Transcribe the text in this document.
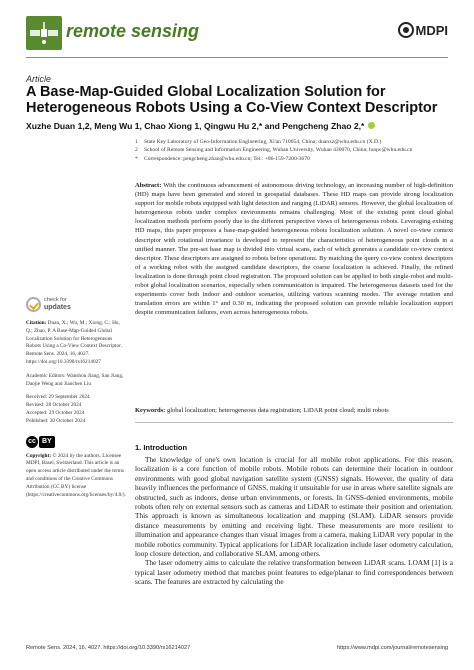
remote sensing	MDPI
Article
A Base-Map-Guided Global Localization Solution for Heterogeneous Robots Using a Co-View Context Descriptor
Xuzhe Duan 1,2, Meng Wu 1, Chao Xiong 1, Qingwu Hu 2,* and Pengcheng Zhao 2,*
1	State Key Laboratory of Geo-Information Engineering, Xi'an 710054, China; duanxz@whu.edu.cn (X.D.)
2	School of Remote Sensing and Information Engineering, Wuhan University, Wuhan 430070, China; huqw@whu.edu.cn
*	Correspondence: pengcheng.zhao@whu.edu.cn; Tel.: +86-159-7200-3670
Abstract: With the continuous advancement of autonomous driving technology, an increasing number of high-definition (HD) maps have been generated and stored in geospatial databases. These HD maps can provide strong localization support for mobile robots equipped with light detection and ranging (LiDAR) sensors. However, the global localization of heterogeneous robots under complex environments remains challenging. Most of the existing point cloud global localization methods perform poorly due to the different perspective views of heterogeneous robots. Leveraging existing HD maps, this paper proposes a base-map-guided heterogeneous robots localization solution. A novel co-view context descriptor with rotational invariance is developed to represent the characteristics of heterogeneous point clouds in a unified manner. The pre-set base map is divided into virtual scans, each of which generates a candidate co-view context descriptor. These descriptors are assigned to robots before operations. By matching the query co-view context descriptors of a working robot with the assigned candidate descriptors, the coarse localization is achieved. Finally, the refined localization is done through point cloud registration. The proposed solution can be applied to both single-robot and multi-robot global localization scenarios, especially when communication is impaired. The heterogeneous datasets used for the experiments cover both indoor and outdoor scenarios, utilizing various scanning modes. The average rotation and translation errors are within 1° and 0.30 m, indicating the proposed solution can provide reliable localization support despite communication failures, even across heterogeneous robots.
Keywords: global localization; heterogeneous data registration; LiDAR point cloud; multi robots
check for
updates

Citation: Duan, X.; Wu, M.; Xiong, C.; Hu, Q.; Zhao, P. A Base-Map-Guided Global Localization Solution for Heterogeneous Robots Using a Co-View Context Descriptor. Remote Sens. 2024, 16, 4027. https://doi.org/10.3390/rs16214027

Academic Editors: Wanshou Jiang, San Jiang, Daojie Weng and Jianchen Liu

Received: 29 September 2024
Revised: 28 October 2024
Accepted: 29 October 2024
Published: 30 October 2024

cc BY

Copyright: © 2024 by the authors. Licensee MDPI, Basel, Switzerland. This article is an open access article distributed under the terms and conditions of the Creative Commons Attribution (CC BY) license (https://creativecommons.org/licenses/by/4.0/).

1. Introduction

The knowledge of one's own location is crucial for all mobile robot applications. For this reason, localization is a core function of mobile robots. Mobile robots can determine their location in outdoor environments with good global navigation satellite system (GNSS) signals. However, the quality of data heavily influences the performance of GNSS, making it unsuitable for use in areas where satellite signals are obstructed, such as indoors, dense urban environments, or forests. In GNSS-denied environments, mobile robots often rely on external sensors such as cameras and LiDAR to estimate their position and orientation. This approach is known as simultaneous localization and mapping (SLAM). LiDAR sensors provide distance measurements by emitting and receiving light. These measurements are more resilient to illumination and appearance changes than visual images from a camera, making LiDAR very popular in the mobile robotics community. Typical applications for LiDAR localization include laser odometry calculation, loop closure detection, and collaborative SLAM, among others.

The laser odometry aims to calculate the relative transformation between LiDAR scans. LOAM [1] is a typical laser odometry method that matches point features to edge/planar to find correspondences between scans. The features are extracted by calculating the

Remote Sens. 2024, 16, 4027. https://doi.org/10.3390/rs16214027	https://www.mdpi.com/journal/remotesensing
